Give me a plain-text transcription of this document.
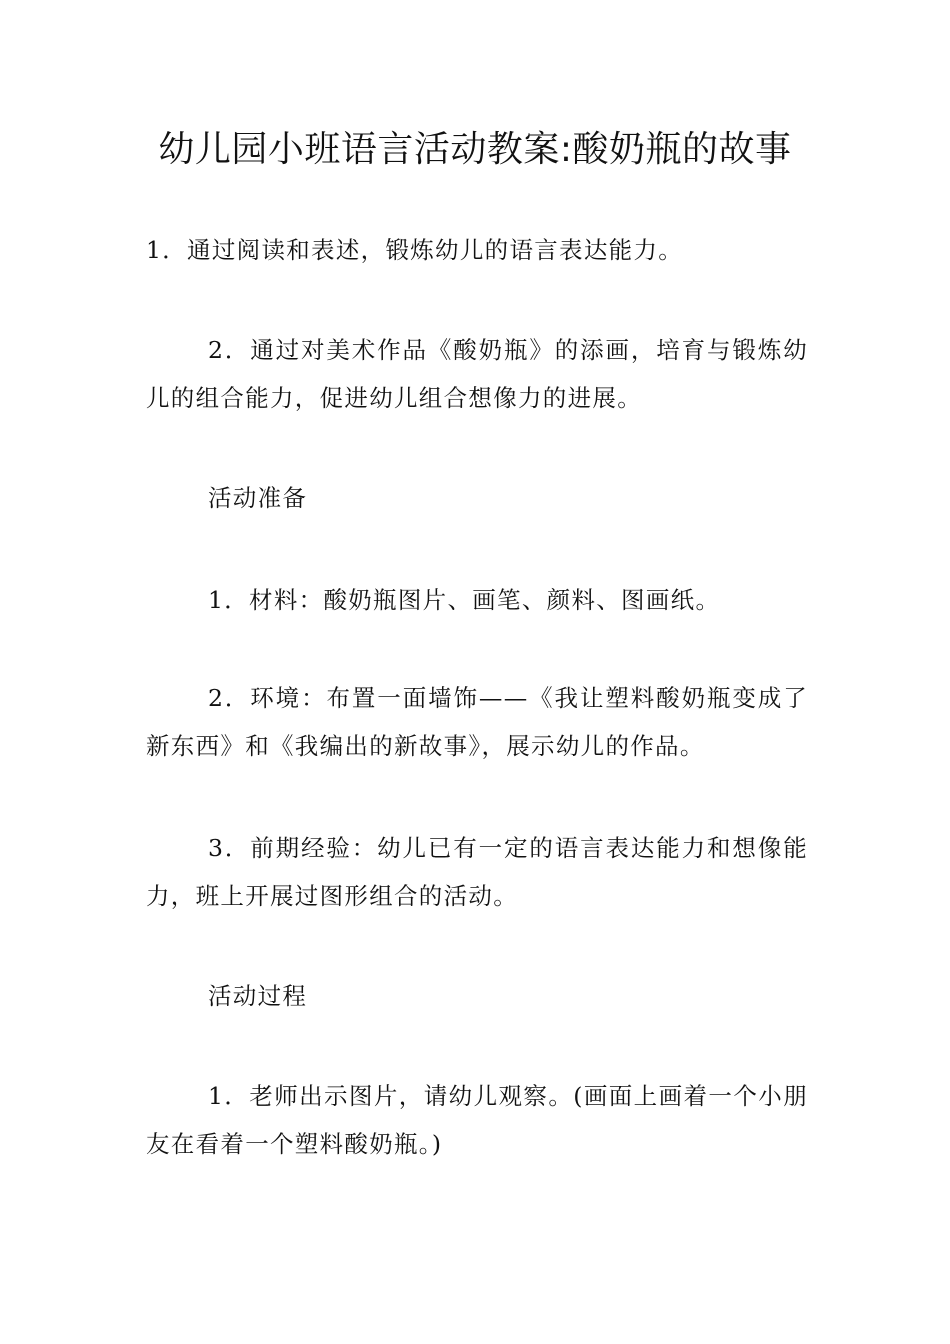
幼儿园小班语言活动教案:酸奶瓶的故事
1．通过阅读和表述，锻炼幼儿的语言表达能力。
2．通过对美术作品《酸奶瓶》的添画，培育与锻炼幼儿的组合能力，促进幼儿组合想像力的进展。
活动准备
1．材料：酸奶瓶图片、画笔、颜料、图画纸。
2．环境：布置一面墙饰——《我让塑料酸奶瓶变成了新东西》和《我编出的新故事》，展示幼儿的作品。
3．前期经验：幼儿已有一定的语言表达能力和想像能力，班上开展过图形组合的活动。
活动过程
1．老师出示图片，请幼儿观察。(画面上画着一个小朋友在看着一个塑料酸奶瓶。)
